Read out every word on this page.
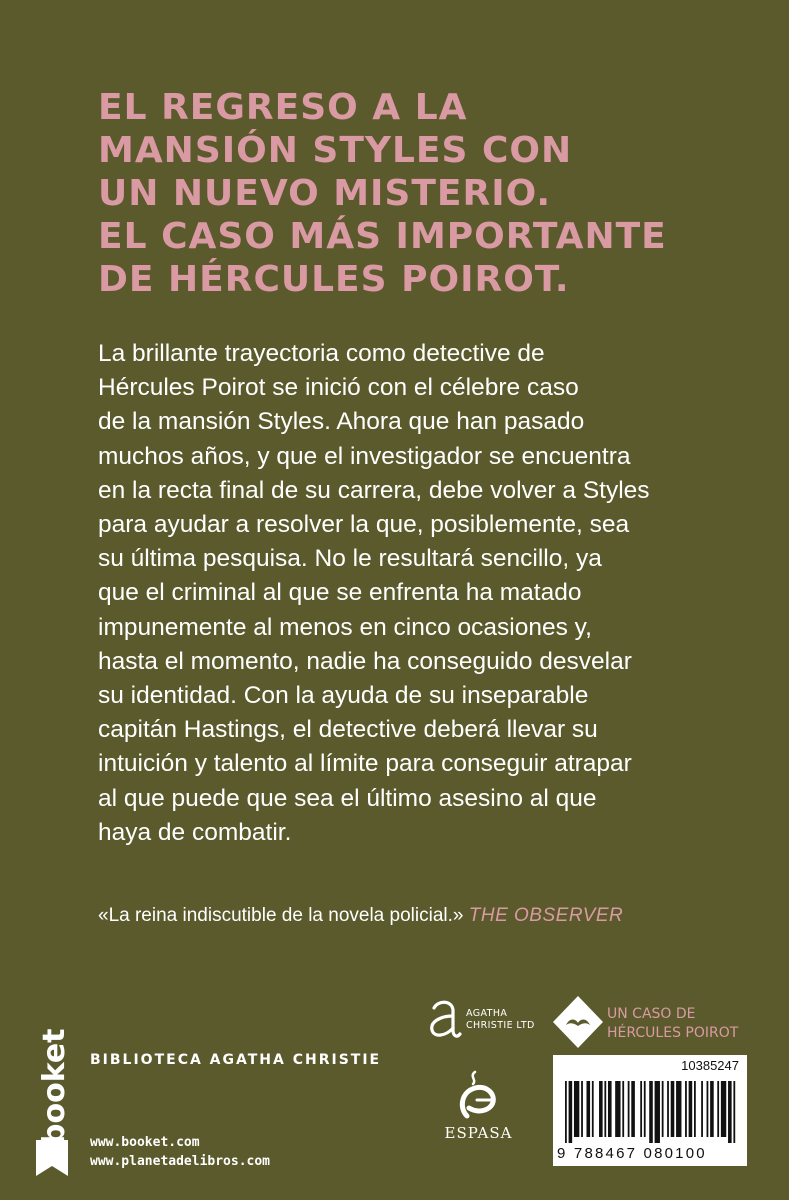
EL REGRESO A LA
MANSIÓN STYLES CON
UN NUEVO MISTERIO.
EL CASO MÁS IMPORTANTE
DE HÉRCULES POIROT.
La brillante trayectoria como detective de
Hércules Poirot se inició con el célebre caso
de la mansión Styles. Ahora que han pasado
muchos años, y que el investigador se encuentra
en la recta final de su carrera, debe volver a Styles
para ayudar a resolver la que, posiblemente, sea
su última pesquisa. No le resultará sencillo, ya
que el criminal al que se enfrenta ha matado
impunemente al menos en cinco ocasiones y,
hasta el momento, nadie ha conseguido desvelar
su identidad. Con la ayuda de su inseparable
capitán Hastings, el detective deberá llevar su
intuición y talento al límite para conseguir atrapar
al que puede que sea el último asesino al que
haya de combatir.
«La reina indiscutible de la novela policial.» THE OBSERVER
booket BIBLIOTECA AGATHA CHRISTIE
www.booket.com
www.planetadelibros.com
AGATHA
CHRISTIE LTD
UN CASO DE
HÉRCULES POIROT
ESPASA
10385247
9 788467 080100
